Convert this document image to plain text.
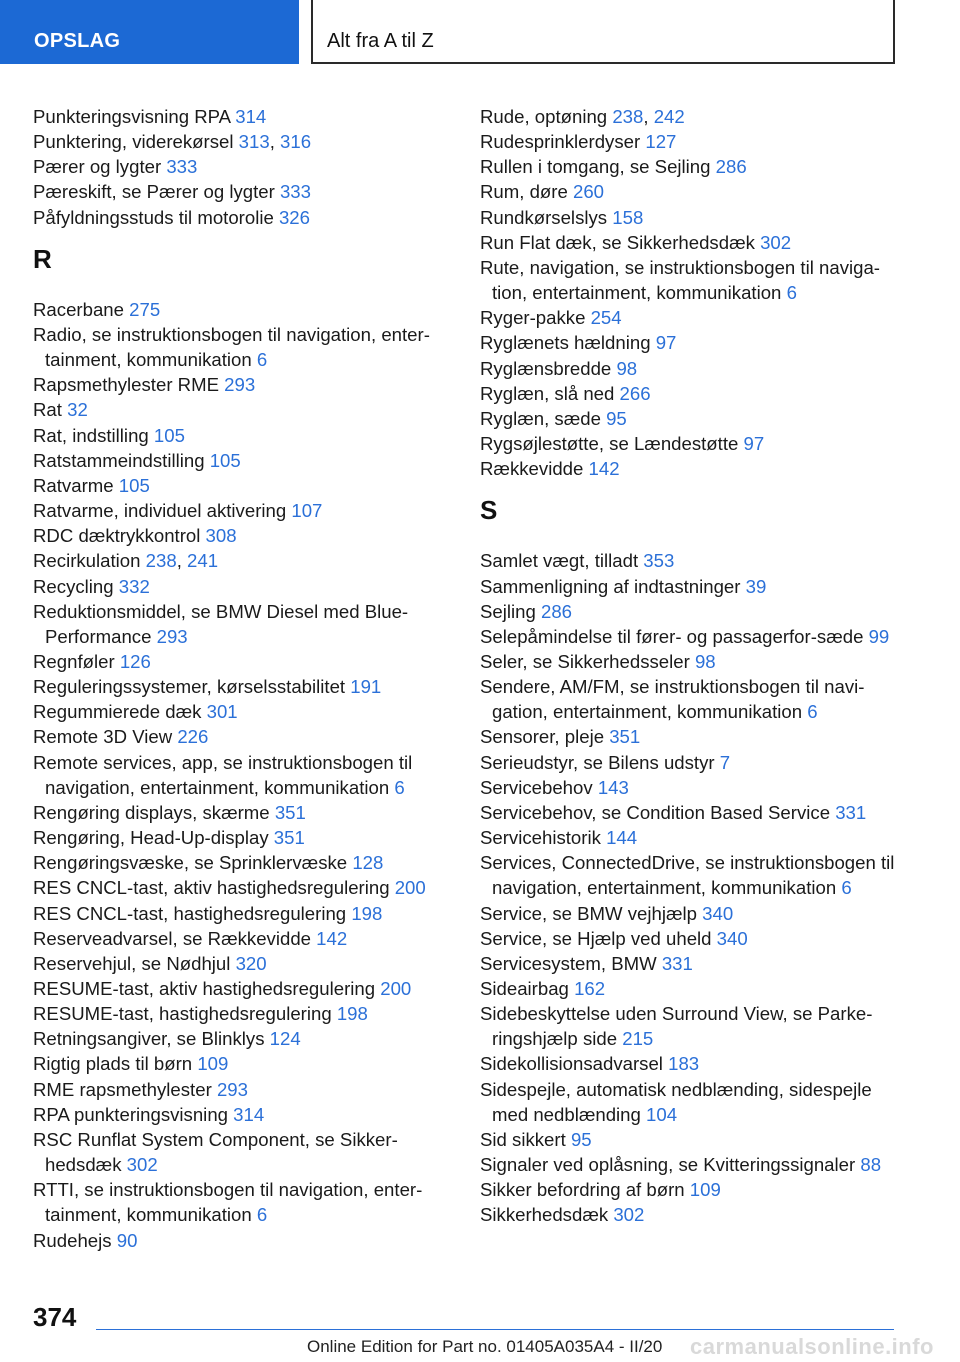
OPSLAG	Alt fra A til Z
Punkteringsvisning RPA 314
Punktering, viderekørsel 313, 316
Pærer og lygter 333
Pæreskift, se Pærer og lygter 333
Påfyldningsstuds til motorolie 326
R
Racerbane 275
Radio, se instruktionsbogen til navigation, enter-tainment, kommunikation 6
Rapsmethylester RME 293
Rat 32
Rat, indstilling 105
Ratstammeindstilling 105
Ratvarme 105
Ratvarme, individuel aktivering 107
RDC dæktrykkontrol 308
Recirkulation 238, 241
Recycling 332
Reduktionsmiddel, se BMW Diesel med Blue-Performance 293
Regnføler 126
Reguleringssystemer, kørselsstabilitet 191
Regummierede dæk 301
Remote 3D View 226
Remote services, app, se instruktionsbogen til navigation, entertainment, kommunikation 6
Rengøring displays, skærme 351
Rengøring, Head-Up-display 351
Rengøringsvæske, se Sprinklervæske 128
RES CNCL-tast, aktiv hastighedsregulering 200
RES CNCL-tast, hastighedsregulering 198
Reserveadvarsel, se Rækkevidde 142
Reservehjul, se Nødhjul 320
RESUME-tast, aktiv hastighedsregulering 200
RESUME-tast, hastighedsregulering 198
Retningsangiver, se Blinklys 124
Rigtig plads til børn 109
RME rapsmethylester 293
RPA punkteringsvisning 314
RSC Runflat System Component, se Sikker-hedsdæk 302
RTTI, se instruktionsbogen til navigation, enter-tainment, kommunikation 6
Rudehejs 90
Rude, optøning 238, 242
Rudesprinklerdyser 127
Rullen i tomgang, se Sejling 286
Rum, døre 260
Rundkørselslys 158
Run Flat dæk, se Sikkerhedsdæk 302
Rute, navigation, se instruktionsbogen til naviga-tion, entertainment, kommunikation 6
Ryger-pakke 254
Ryglænets hældning 97
Ryglænsbredde 98
Ryglæn, slå ned 266
Ryglæn, sæde 95
Rygsøjlestøtte, se Lændestøtte 97
Rækkevidde 142
S
Samlet vægt, tilladt 353
Sammenligning af indtastninger 39
Sejling 286
Selepåmindelse til fører- og passagerfor-sæde 99
Seler, se Sikkerhedsseler 98
Sendere, AM/FM, se instruktionsbogen til navi-gation, entertainment, kommunikation 6
Sensorer, pleje 351
Serieudstyr, se Bilens udstyr 7
Servicebehov 143
Servicebehov, se Condition Based Service 331
Servicehistorik 144
Services, ConnectedDrive, se instruktionsbogen til navigation, entertainment, kommunikation 6
Service, se BMW vejhjælp 340
Service, se Hjælp ved uheld 340
Servicesystem, BMW 331
Sideairbag 162
Sidebeskyttelse uden Surround View, se Parke-ringshjælp side 215
Sidekollisionsadvarsel 183
Sidespejle, automatisk nedblænding, sidespejle med nedblænding 104
Sid sikkert 95
Signaler ved oplåsning, se Kvitteringssignaler 88
Sikker befordring af børn 109
Sikkerhedsdæk 302
374
Online Edition for Part no. 01405A035A4 - II/20 carmanualsonline.info
